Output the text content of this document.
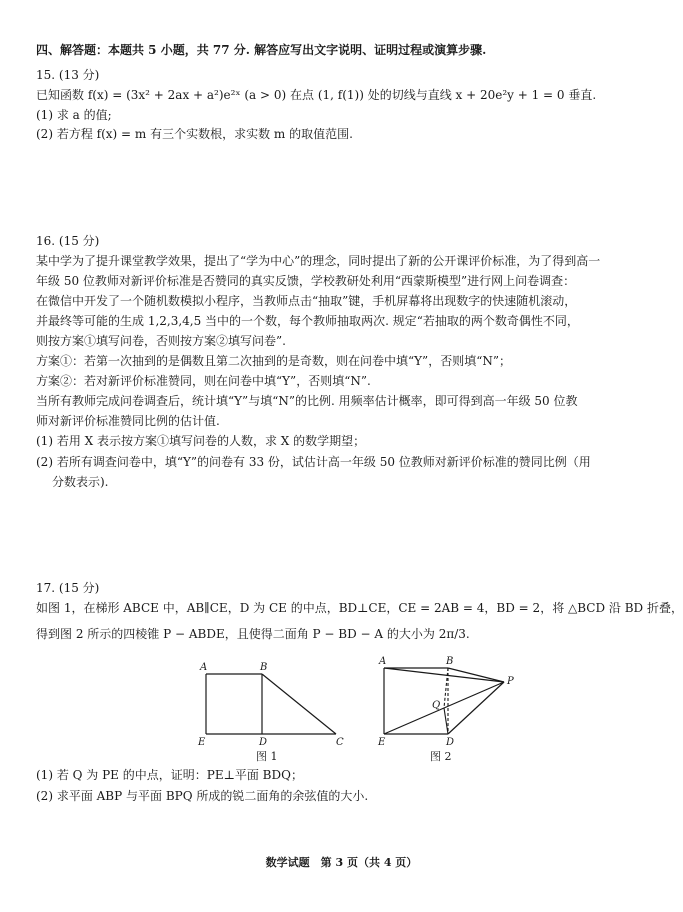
四、解答题：本题共 5 小题，共 77 分. 解答应写出文字说明、证明过程或演算步骤.
15. (13 分)
已知函数 f(x) = (3x² + 2ax + a²)e²ˣ (a > 0) 在点 (1, f(1)) 处的切线与直线 x + 20e²y + 1 = 0 垂直.
(1) 求 a 的值;
(2) 若方程 f(x) = m 有三个实数根，求实数 m 的取值范围.
16. (15 分)
某中学为了提升课堂教学效果，提出了“学为中心”的理念，同时提出了新的公开课评价标准，为了得到高一
年级 50 位教师对新评价标准是否赞同的真实反馈，学校教研处利用“西蒙斯模型”进行网上问卷调查：
在微信中开发了一个随机数模拟小程序，当教师点击“抽取”键，手机屏幕将出现数字的快速随机滚动，
并最终等可能的生成 1,2,3,4,5 当中的一个数，每个教师抽取两次. 规定“若抽取的两个数奇偶性不同，
则按方案①填写问卷，否则按方案②填写问卷”.
方案①：若第一次抽到的是偶数且第二次抽到的是奇数，则在问卷中填“Y”，否则填“N”；
方案②：若对新评价标准赞同，则在问卷中填“Y”，否则填“N”.
当所有教师完成问卷调查后，统计填“Y”与填“N”的比例. 用频率估计概率，即可得到高一年级 50 位教
师对新评价标准赞同比例的估计值.
(1) 若用 X 表示按方案①填写问卷的人数，求 X 的数学期望；
(2) 若所有调查问卷中，填“Y”的问卷有 33 份，试估计高一年级 50 位教师对新评价标准的赞同比例（用
分数表示).
17. (15 分)
如图 1，在梯形 ABCE 中，AB∥CE，D 为 CE 的中点，BD⊥CE，CE = 2AB = 4，BD = 2，将 △BCD 沿 BD 折叠，
得到图 2 所示的四棱锥 P − ABDE，且使得二面角 P − BD − A 的大小为 2π/3.
A	B
E	D	C
图 1
A	B
P
Q
E	D
图 2
(1) 若 Q 为 PE 的中点，证明：PE⊥平面 BDQ；
(2) 求平面 ABP 与平面 BPQ 所成的锐二面角的余弦值的大小.
数学试题　第 3 页（共 4 页）
